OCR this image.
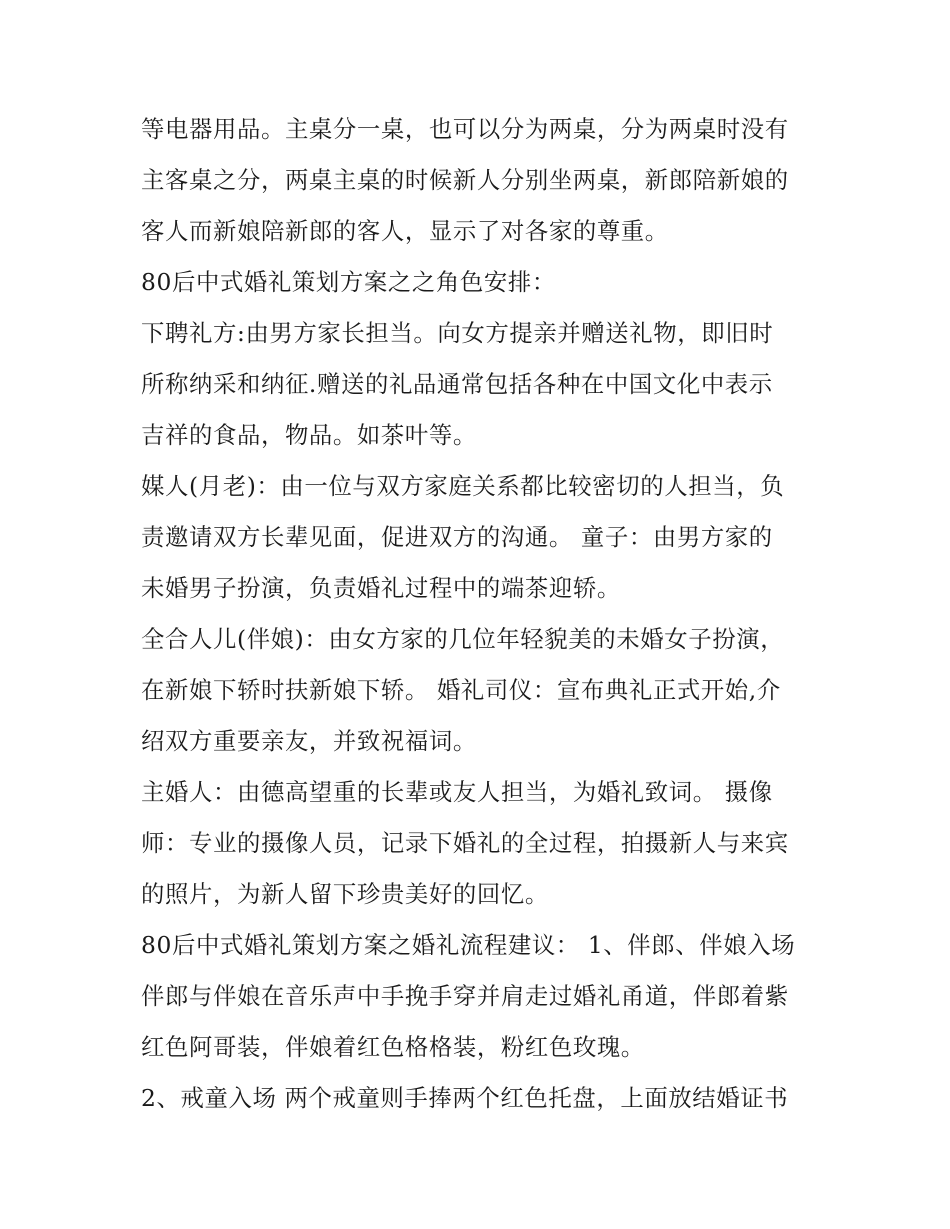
等电器用品。主桌分一桌，也可以分为两桌，分为两桌时没有
主客桌之分，两桌主桌的时候新人分别坐两桌，新郎陪新娘的
客人而新娘陪新郎的客人，显示了对各家的尊重。
80后中式婚礼策划方案之之角色安排：
下聘礼方:由男方家长担当。向女方提亲并赠送礼物，即旧时
所称纳采和纳征.赠送的礼品通常包括各种在中国文化中表示
吉祥的食品，物品。如茶叶等。
媒人(月老)：由一位与双方家庭关系都比较密切的人担当，负
责邀请双方长辈见面，促进双方的沟通。 童子：由男方家的
未婚男子扮演，负责婚礼过程中的端茶迎轿。
全合人儿(伴娘)：由女方家的几位年轻貌美的未婚女子扮演，
在新娘下轿时扶新娘下轿。 婚礼司仪：宣布典礼正式开始,介
绍双方重要亲友，并致祝福词。
主婚人：由德高望重的长辈或友人担当，为婚礼致词。 摄像
师：专业的摄像人员，记录下婚礼的全过程，拍摄新人与来宾
的照片，为新人留下珍贵美好的回忆。
80后中式婚礼策划方案之婚礼流程建议： 1、伴郎、伴娘入场
伴郎与伴娘在音乐声中手挽手穿并肩走过婚礼甬道，伴郎着紫
红色阿哥装，伴娘着红色格格装，粉红色玫瑰。
2、戒童入场 两个戒童则手捧两个红色托盘，上面放结婚证书
